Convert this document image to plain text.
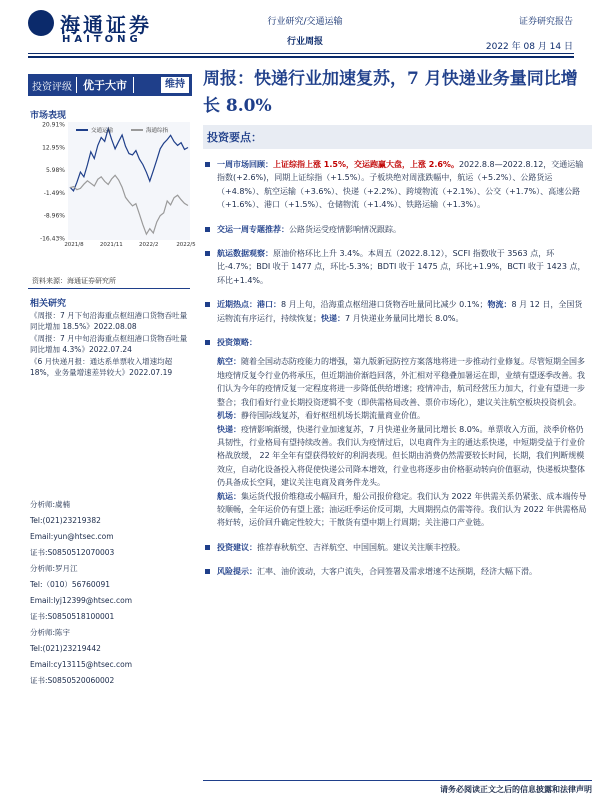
海通证券
HAITONG
行业研究/交通运输
行业周报
证券研究报告
2022 年 08 月 14 日
投资评级	优于大市	维持 周报：快递行业加速复苏，7 月快递业务量同比增长 8.0%
市场表现
20.91%
12.95%
5.98%
-1.49%
-8.96%
-16.43%
2021/8	2021/11	2022/2	2022/5
交通运输	海通综指
资料来源：海通证券研究所
相关研究
《周报：7 月下旬沿海重点枢纽港口货物吞吐量同比增加 18.5%》2022.08.08
《周报：7 月中旬沿海重点枢纽港口货物吞吐量同比增加 4.3%》2022.07.24
《6 月快递月报：通达系单票收入增速均超 18%，业务量增速差异较大》2022.07.19
分析师:虞楠
Tel:(021)23219382
Email:yun@htsec.com
证书:S0850512070003
分析师:罗月江
Tel:（010）56760091
Email:lyj12399@htsec.com
证书:S0850518100001
分析师:陈宇
Tel:(021)23219442
Email:cy13115@htsec.com
证书:S0850520060002
投资要点：
一周市场回顾：上证综指上涨 1.5%，交运跑赢大盘，上涨 2.6%。2022.8.8—2022.8.12，交通运输指数(+2.6%)，同期上证综指（+1.5%）。子板块绝对周涨跌幅中，航运（+5.2%）、公路货运（+4.8%）、航空运输（+3.6%）、快递（+2.2%）、跨境物流（+2.1%）、公交（+1.7%）、高速公路（+1.6%）、港口（+1.5%）、仓储物流（+1.4%）、铁路运输（+1.3%）。
交运一周专题推荐：公路货运受疫情影响情况跟踪。
航运数据观察：原油价格环比上升 3.4%。本周五（2022.8.12），SCFI 指数收于 3563 点，环比-4.7%；BDI 收于 1477 点，环比-5.3%；BDTI 收于 1475 点，环比+1.9%，BCTI 收于 1423 点，环比+1.4%。
近期热点：港口：8 月上旬，沿海重点枢纽港口货物吞吐量同比减少 0.1%；物流：8 月 12 日，全国货运物流有序运行，持续恢复；快递：7 月快递业务量同比增长 8.0%。
投资策略：

航空：随着全国动态防疫能力的增强，第九版新冠防控方案落地将进一步推动行业修复。尽管短期全国多地疫情反复令行业仍将承压，但近期油价渐趋回落，外汇相对平稳叠加暑运在即，业绩有望逐季改善。我们认为今年的疫情反复一定程度将进一步降低供给增速；疫情冲击，航司经营压力加大，行业有望进一步整合；我们看好行业长期投资逻辑不变（即供需格局改善、票价市场化），建议关注航空板块投资机会。

机场：静待国际线复苏，看好枢纽机场长期流量商业价值。

快递：疫情影响渐缓，快递行业加速复苏，7 月快递业务量同比增长 8.0%。单票收入方面，淡季价格仍具韧性，行业格局有望持续改善。我们认为疫情过后，以电商件为主的通达系快递，中短期受益于行业价格战放缓， 22 年全年有望获得较好的利润表现。但长期由消费仍然需要较长时间，长期，我们判断规模效应，自动化设备投入将促使快递公司降本增效，行业也将逐步由价格驱动转向价值驱动，快递板块整体仍具备成长空间，建议关注电商及商务件龙头。

航运：集运货代报价维稳或小幅回升，船公司报价稳定。我们认为 2022 年供需关系仍紧张、成本端传导较顺畅，全年运价仍有望上涨；油运旺季运价反可期，大周期拐点仍需等待。我们认为 2022 年供需格局将好转，运价回升确定性较大；干散货有望中期上行周期；关注港口产业链。

投资建议：推荐春秋航空、吉祥航空、中国国航。建议关注顺丰控股。
风险提示：汇率、油价波动，大客户流失，合同签署及需求增速不达预期，经济大幅下滑。
请务必阅读正文之后的信息披露和法律声明
